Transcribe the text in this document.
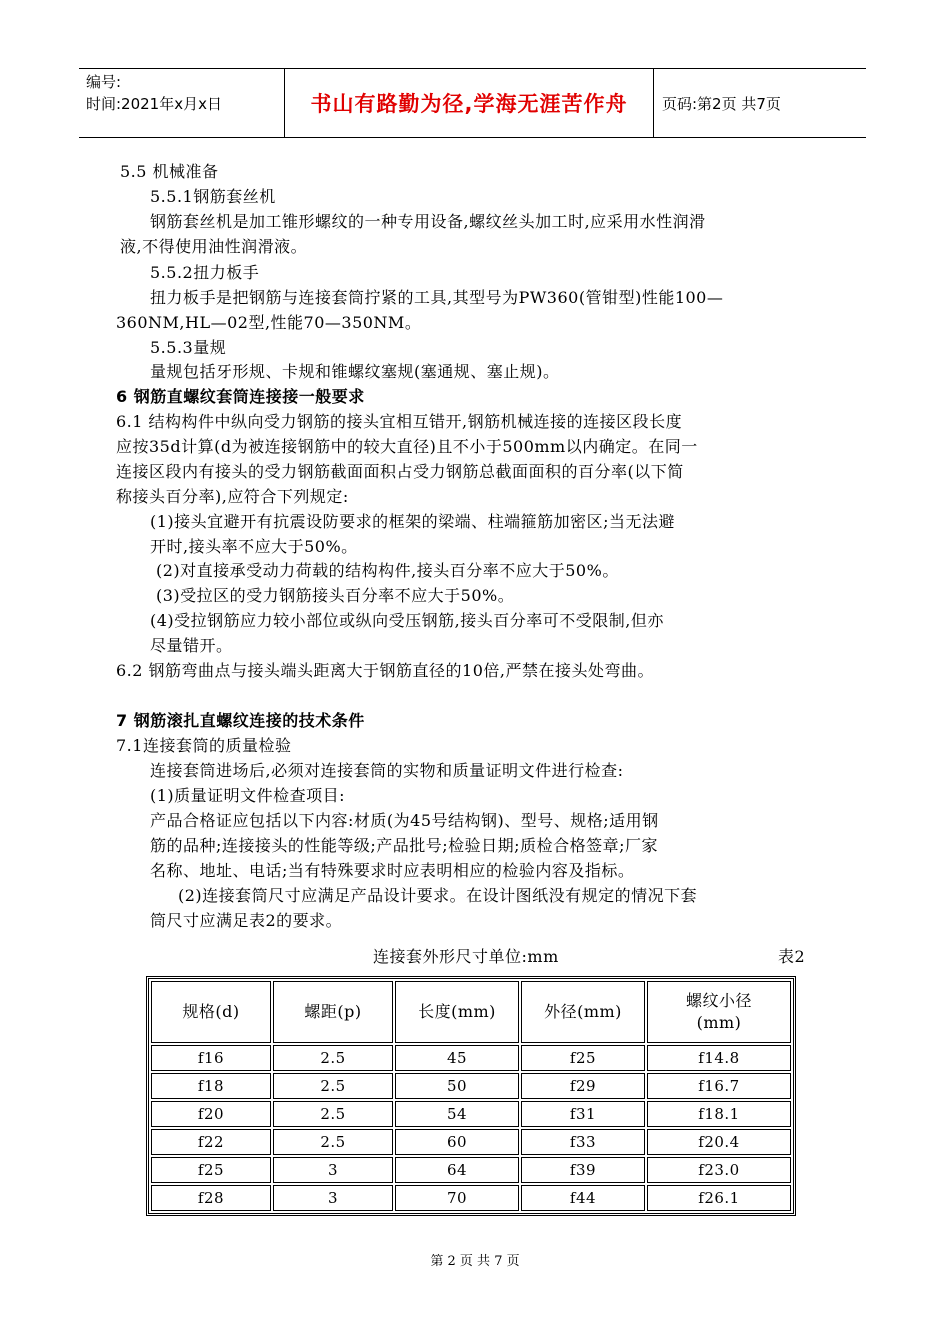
编号:
时间:2021年x月x日	书山有路勤为径,学海无涯苦作舟	页码:第2页 共7页
5.5 机械准备
5.5.1钢筋套丝机
钢筋套丝机是加工锥形螺纹的一种专用设备,螺纹丝头加工时,应采用水性润滑
液,不得使用油性润滑液。
5.5.2扭力板手
扭力板手是把钢筋与连接套筒拧紧的工具,其型号为PW360(管钳型)性能100—
360NM,HL—02型,性能70—350NM。
5.5.3量规
量规包括牙形规、卡规和锥螺纹塞规(塞通规、塞止规)。
6 钢筋直螺纹套筒连接接一般要求
6.1 结构构件中纵向受力钢筋的接头宜相互错开,钢筋机械连接的连接区段长度
应按35d计算(d为被连接钢筋中的较大直径)且不小于500mm以内确定。在同一
连接区段内有接头的受力钢筋截面面积占受力钢筋总截面面积的百分率(以下简
称接头百分率),应符合下列规定:
(1)接头宜避开有抗震设防要求的框架的梁端、柱端箍筋加密区;当无法避
开时,接头率不应大于50%。
(2)对直接承受动力荷载的结构构件,接头百分率不应大于50%。
(3)受拉区的受力钢筋接头百分率不应大于50%。
(4)受拉钢筋应力较小部位或纵向受压钢筋,接头百分率可不受限制,但亦
尽量错开。
6.2 钢筋弯曲点与接头端头距离大于钢筋直径的10倍,严禁在接头处弯曲。
7 钢筋滚扎直螺纹连接的技术条件
7.1连接套筒的质量检验
连接套筒进场后,必须对连接套筒的实物和质量证明文件进行检查:
(1)质量证明文件检查项目:
产品合格证应包括以下内容:材质(为45号结构钢)、型号、规格;适用钢
筋的品种;连接接头的性能等级;产品批号;检验日期;质检合格签章;厂家
名称、地址、电话;当有特殊要求时应表明相应的检验内容及指标。
(2)连接套筒尺寸应满足产品设计要求。在设计图纸没有规定的情况下套
筒尺寸应满足表2的要求。
连接套外形尺寸单位:mm	表2
规格(d)	螺距(p)	长度(mm)	外径(mm)	螺纹小径
(mm)

f16	2.5	45	f25	f14.8
f18	2.5	50	f29	f16.7
f20	2.5	54	f31	f18.1
f22	2.5	60	f33	f20.4
f25	3	64	f39	f23.0
f28	3	70	f44	f26.1
第 2 页 共 7 页
